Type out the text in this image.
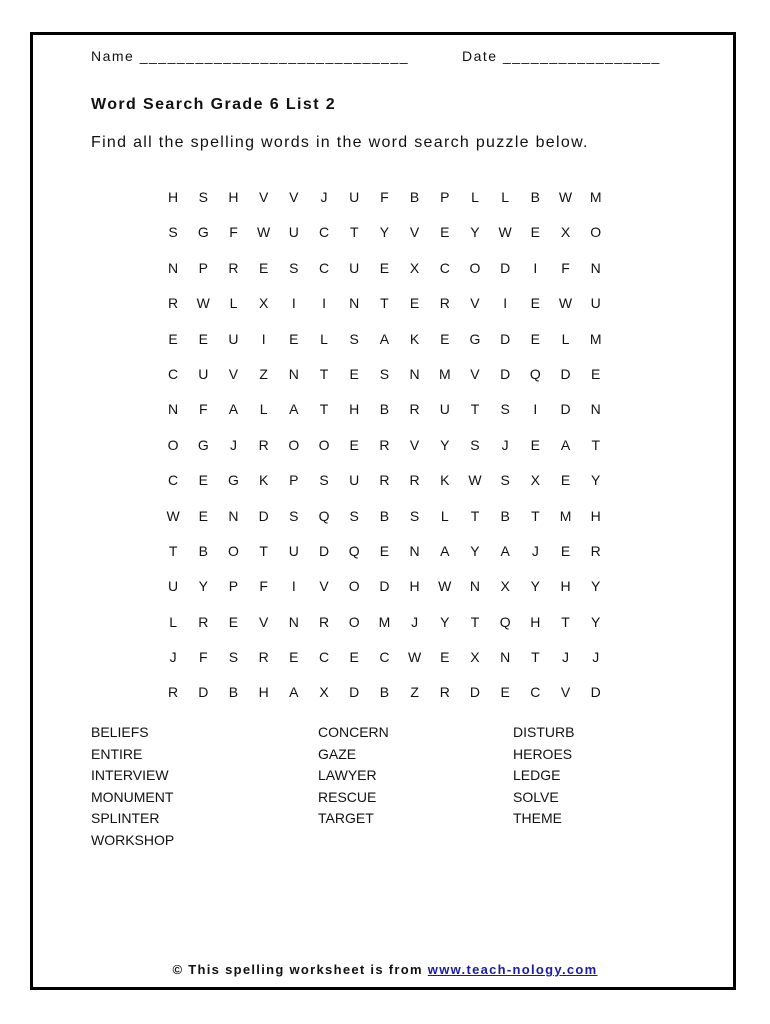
Name _____________________________	Date _________________
Word Search Grade 6 List 2
Find all the spelling words in the word search puzzle below.
H	S	H	V	V	J	U	F	B	P	L	L	B	W	M
S	G	F	W	U	C	T	Y	V	E	Y	W	E	X	O
N	P	R	E	S	C	U	E	X	C	O	D	I	F	N
R	W	L	X	I	I	N	T	E	R	V	I	E	W	U
E	E	U	I	E	L	S	A	K	E	G	D	E	L	M
C	U	V	Z	N	T	E	S	N	M	V	D	Q	D	E
N	F	A	L	A	T	H	B	R	U	T	S	I	D	N
O	G	J	R	O	O	E	R	V	Y	S	J	E	A	T
C	E	G	K	P	S	U	R	R	K	W	S	X	E	Y
W	E	N	D	S	Q	S	B	S	L	T	B	T	M	H
T	B	O	T	U	D	Q	E	N	A	Y	A	J	E	R
U	Y	P	F	I	V	O	D	H	W	N	X	Y	H	Y
L	R	E	V	N	R	O	M	J	Y	T	Q	H	T	Y
J	F	S	R	E	C	E	C	W	E	X	N	T	J	J
R	D	B	H	A	X	D	B	Z	R	D	E	C	V	D
BELIEFS	CONCERN	DISTURB
ENTIRE	GAZE	HEROES
INTERVIEW	LAWYER	LEDGE
MONUMENT	RESCUE	SOLVE
SPLINTER	TARGET	THEME
WORKSHOP
© This spelling worksheet is from www.teach-nology.com
